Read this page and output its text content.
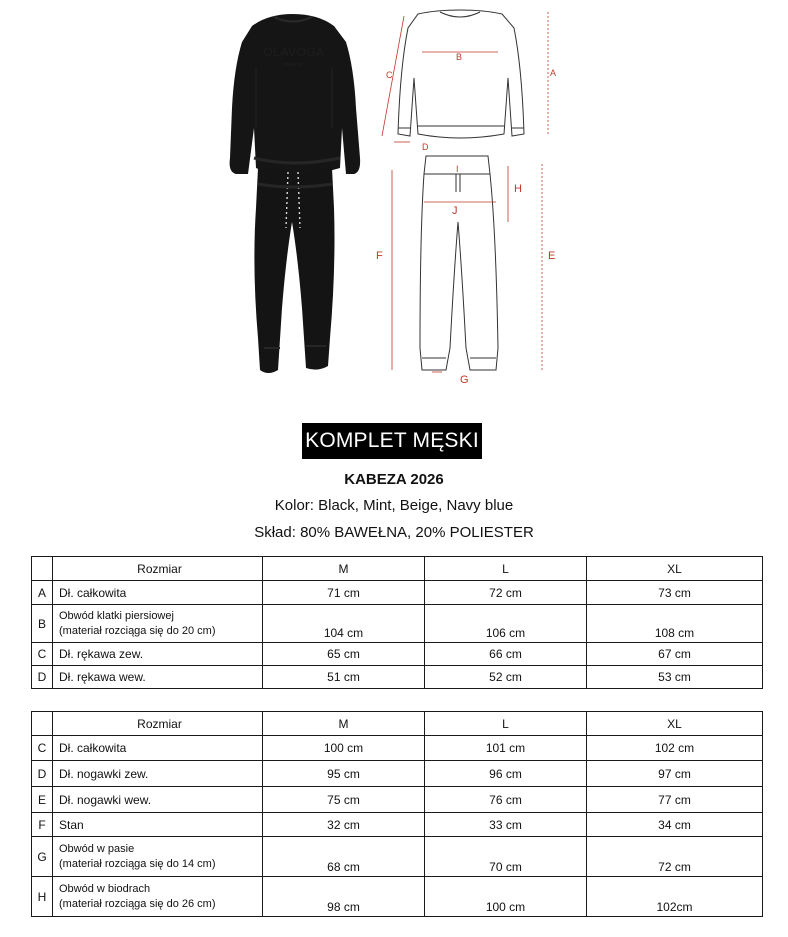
OLAVOGA
PARIS
A
B
C
D
E
F
G
H
I
J
KOMPLET MĘSKI
KABEZA 2026
Kolor: Black, Mint, Beige, Navy blue
Skład: 80% BAWEŁNA, 20% POLIESTER
	Rozmiar	M	L	XL
A	Dł. całkowita	71 cm	72 cm	73 cm
B	Obwód klatki piersiowej
(materiał rozciąga się do 20 cm)	104 cm	106 cm	108 cm
C	Dł. rękawa zew.	65 cm	66 cm	67 cm
D	Dł. rękawa wew.	51 cm	52 cm	53 cm
	Rozmiar	M	L	XL
C	Dł. całkowita	100 cm	101 cm	102 cm
D	Dł. nogawki zew.	95 cm	96 cm	97 cm
E	Dł. nogawki wew.	75 cm	76 cm	77 cm
F	Stan	32 cm	33 cm	34 cm
G	Obwód w pasie
(materiał rozciąga się do 14 cm)	68 cm	70 cm	72 cm
H	Obwód w biodrach
(materiał rozciąga się do 26 cm)	98 cm	100 cm	102cm
